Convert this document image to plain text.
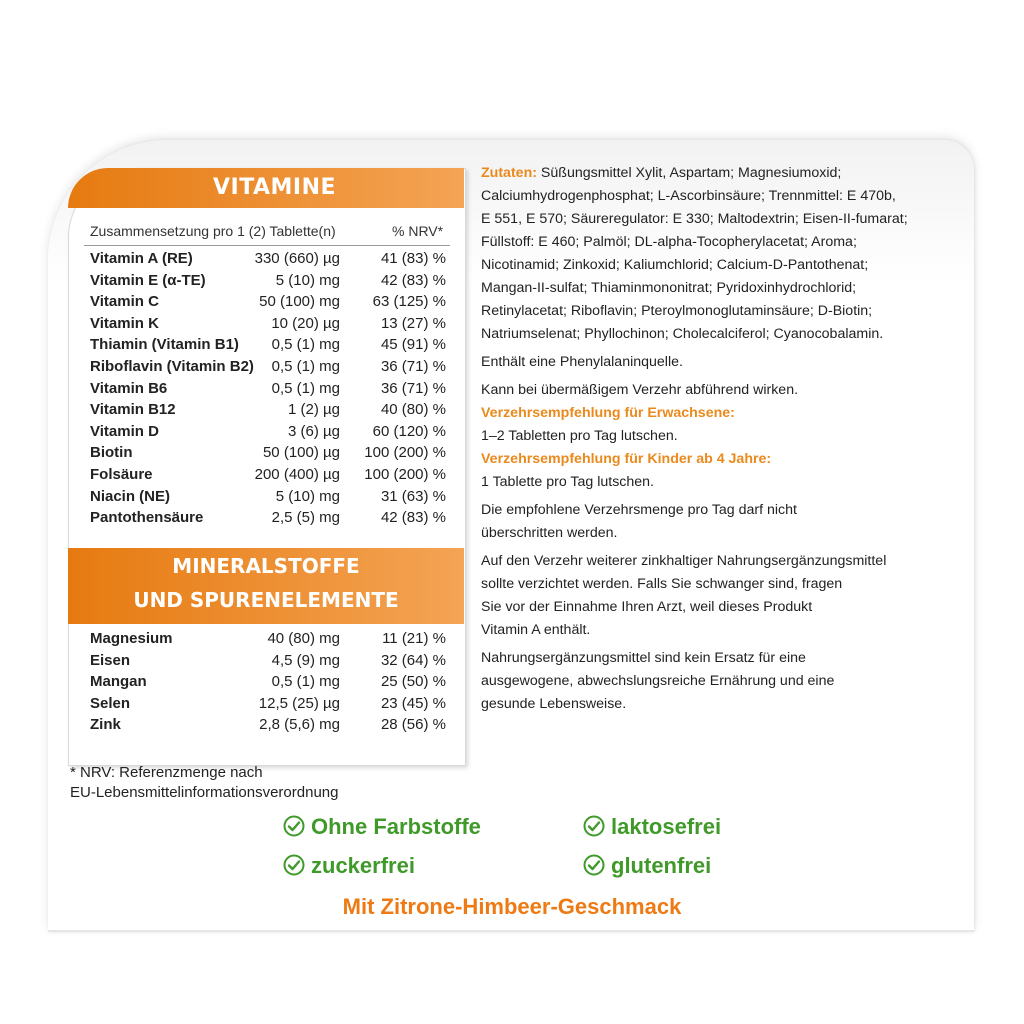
VITAMINE
Zusammensetzung pro 1 (2) Tablette(n)	% NRV*
Vitamin A (RE)	330 (660) µg	41 (83) %
Vitamin E (α-TE)	5 (10) mg	42 (83) %
Vitamin C	50 (100) mg	63 (125) %
Vitamin K	10 (20) µg	13 (27) %
Thiamin (Vitamin B1)	0,5 (1) mg	45 (91) %
Riboflavin (Vitamin B2)	0,5 (1) mg	36 (71) %
Vitamin B6	0,5 (1) mg	36 (71) %
Vitamin B12	1 (2) µg	40 (80) %
Vitamin D	3 (6) µg	60 (120) %
Biotin	50 (100) µg 100 (200) %
Folsäure	200 (400) µg 100 (200) %
Niacin (NE)	5 (10) mg	31 (63) %
Pantothensäure	2,5 (5) mg	42 (83) %
MINERALSTOFFE
UND SPURENELEMENTE
Magnesium	40 (80) mg	11 (21) %
Eisen	4,5 (9) mg	32 (64) %
Mangan	0,5 (1) mg	25 (50) %
Selen	12,5 (25) µg	23 (45) %
Zink	2,8 (5,6) mg	28 (56) %
* NRV: Referenzmenge nach
EU-Lebensmittelinformationsverordnung

Zutaten: Süßungsmittel Xylit, Aspartam; Magnesiumoxid;

Calciumhydrogenphosphat; L-Ascorbinsäure; Trennmittel: E 470b,

E 551, E 570; Säureregulator: E 330; Maltodextrin; Eisen-II-fumarat;

Füllstoff: E 460; Palmöl; DL-alpha-Tocopherylacetat; Aroma;

Nicotinamid; Zinkoxid; Kaliumchlorid; Calcium-D-Pantothenat;

Mangan-II-sulfat; Thiaminmononitrat; Pyridoxinhydrochlorid;

Retinylacetat; Riboflavin; Pteroylmonoglutaminsäure; D-Biotin;

Natriumselenat; Phyllochinon; Cholecalciferol; Cyanocobalamin.

Enthält eine Phenylalaninquelle.

Kann bei übermäßigem Verzehr abführend wirken.

Verzehrsempfehlung für Erwachsene:

1–2 Tabletten pro Tag lutschen.

Verzehrsempfehlung für Kinder ab 4 Jahre:

1 Tablette pro Tag lutschen.

Die empfohlene Verzehrsmenge pro Tag darf nicht

überschritten werden.

Auf den Verzehr weiterer zinkhaltiger Nahrungsergänzungsmittel

sollte verzichtet werden. Falls Sie schwanger sind, fragen

Sie vor der Einnahme Ihren Arzt, weil dieses Produkt

Vitamin A enthält.

Nahrungsergänzungsmittel sind kein Ersatz für eine

ausgewogene, abwechslungsreiche Ernährung und eine

gesunde Lebensweise.

Ohne Farbstoffe	laktosefrei
zuckerfrei	glutenfrei
Mit Zitrone-Himbeer-Geschmack
